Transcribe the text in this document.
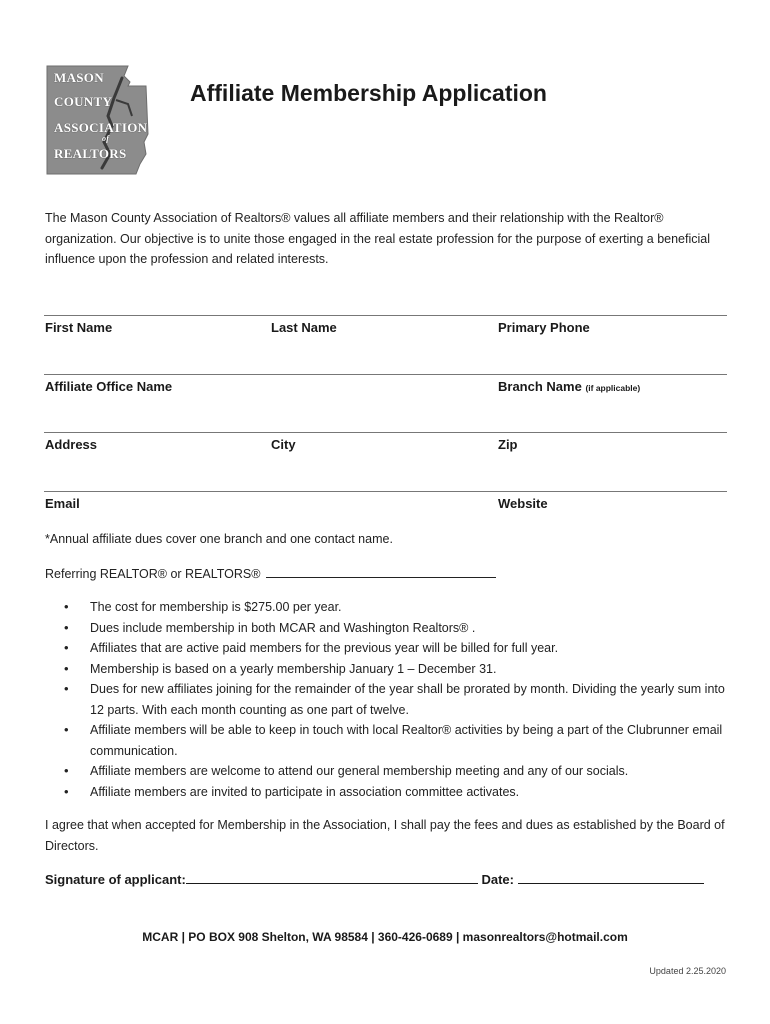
MASON
COUNTY
ASSOCIATION
of
REALTORS
Affiliate Membership Application
The Mason County Association of Realtors® values all affiliate members and their relationship with the Realtor® organization. Our objective is to unite those engaged in the real estate profession for the purpose of exerting a beneficial influence upon the profession and related interests.
First Name	Last Name	Primary Phone
Affiliate Office Name	Branch Name (if applicable)
Address	City	Zip
Email	Website
*Annual affiliate dues cover one branch and one contact name.
Referring REALTOR® or REALTORS®
• The cost for membership is $275.00 per year.
• Dues include membership in both MCAR and Washington Realtors® .
• Affiliates that are active paid members for the previous year will be billed for full year.
• Membership is based on a yearly membership January 1 – December 31.
• Dues for new affiliates joining for the remainder of the year shall be prorated by month. Dividing the yearly sum into 12 parts. With each month counting as one part of twelve.
• Affiliate members will be able to keep in touch with local Realtor® activities by being a part of the Clubrunner email communication.
• Affiliate members are welcome to attend our general membership meeting and any of our socials.
• Affiliate members are invited to participate in association committee activates.
I agree that when accepted for Membership in the Association, I shall pay the fees and dues as established by the Board of Directors.
Signature of applicant:	Date:
MCAR | PO BOX 908 Shelton, WA 98584 | 360-426-0689 | masonrealtors@hotmail.com
Updated 2.25.2020
